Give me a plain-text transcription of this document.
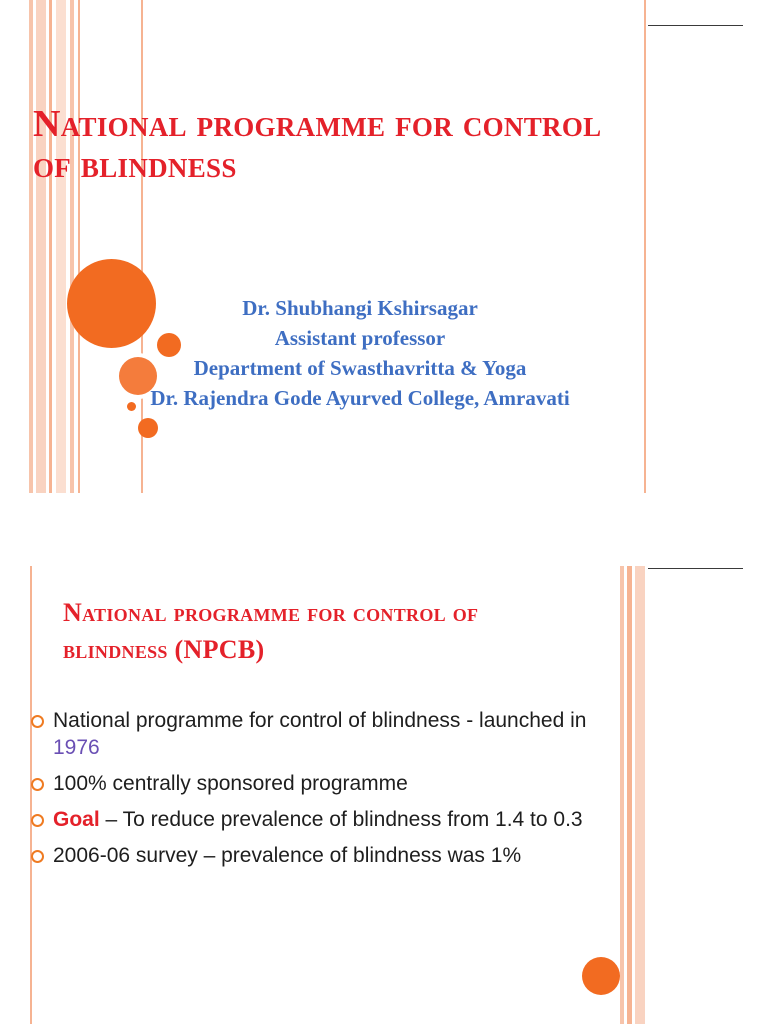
National programme for control of blindness
Dr. Shubhangi Kshirsagar
Assistant professor
Department of Swasthavritta & Yoga
Dr. Rajendra Gode Ayurved College, Amravati
National programme for control of blindness (NPCB)
National programme for control of blindness - launched in 1976
100% centrally sponsored programme
Goal – To reduce prevalence of blindness from 1.4 to 0.3
2006-06 survey – prevalence of blindness was 1%
